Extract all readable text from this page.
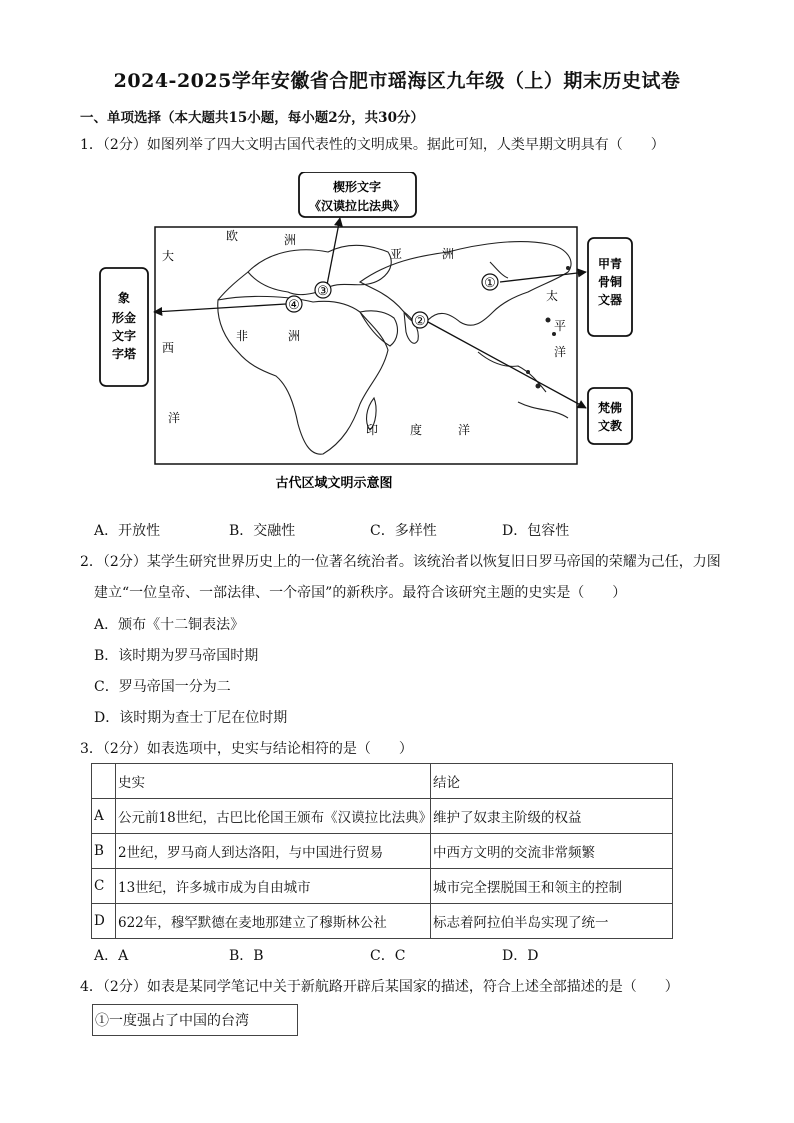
2024-2025学年安徽省合肥市瑶海区九年级（上）期末历史试卷
一、单项选择（本大题共15小题，每小题2分，共30分）
1．（2分）如图列举了四大文明古国代表性的文明成果。据此可知，人类早期文明具有（　　）
欧	洲
亚	洲
大
西
洋
非	洲
太
平
洋
印	度	洋
①
②
③
④
楔形文字
《汉谟拉比法典》
甲青
骨铜
文器
梵佛
文教
象
形金
文字
字塔
古代区域文明示意图
A．开放性	B．交融性	C．多样性	D．包容性
2．（2分）某学生研究世界历史上的一位著名统治者。该统治者以恢复旧日罗马帝国的荣耀为己任，力图
建立“一位皇帝、一部法律、一个帝国”的新秩序。最符合该研究主题的史实是（　　）
A．颁布《十二铜表法》
B．该时期为罗马帝国时期
C．罗马帝国一分为二
D．该时期为查士丁尼在位时期
3．（2分）如表选项中，史实与结论相符的是（　　）
	史实	结论
A	公元前18世纪，古巴比伦国王颁布《汉谟拉比法典》	维护了奴隶主阶级的权益
B	2世纪，罗马商人到达洛阳，与中国进行贸易	中西方文明的交流非常频繁
C	13世纪，许多城市成为自由城市	城市完全摆脱国王和领主的控制
D	622年，穆罕默德在麦地那建立了穆斯林公社	标志着阿拉伯半岛实现了统一
A．A	B．B	C．C	D．D
4．（2分）如表是某同学笔记中关于新航路开辟后某国家的描述，符合上述全部描述的是（　　）
①一度强占了中国的台湾
